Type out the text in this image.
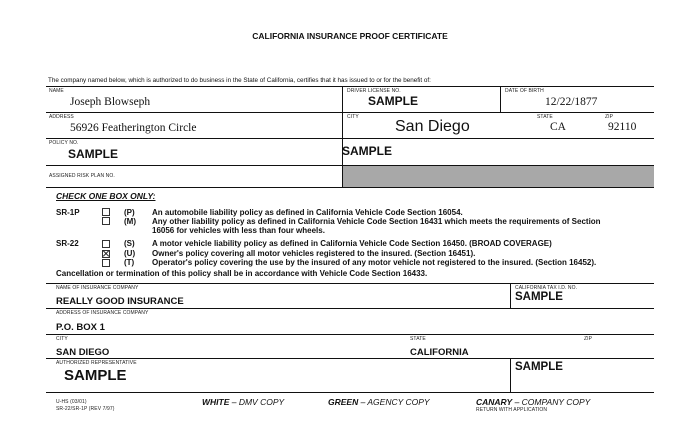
CALIFORNIA INSURANCE PROOF CERTIFICATE
The company named below, which is authorized to do business in the State of California, certifies that it has issued to or for the benefit of:
NAME
Joseph Blowseph
DRIVER LICENSE NO.
SAMPLE
DATE OF BIRTH
12/22/1877
ADDRESS
56926 Featherington Circle
CITY
San Diego
STATE
CA
ZIP
92110
POLICY NO.
SAMPLE	SAMPLE
ASSIGNED RISK PLAN NO.
CHECK ONE BOX ONLY:
SR-1P	(P) An automobile liability policy as defined in California Vehicle Code Section 16054.
(M) Any other liability policy as defined in California Vehicle Code Section 16431 which meets the requirements of Section
16056 for vehicles with less than four wheels.
SR-22	(S) A motor vehicle liability policy as defined in California Vehicle Code Section 16450. (BROAD COVERAGE)
(U) Owner's policy covering all motor vehicles registered to the insured. (Section 16451).
(T) Operator's policy covering the use by the insured of any motor vehicle not registered to the insured. (Section 16452).
Cancellation or termination of this policy shall be in accordance with Vehicle Code Section 16433.
NAME OF INSURANCE COMPANY
REALLY GOOD INSURANCE
CALIFORNIA TAX I.D. NO.
SAMPLE
ADDRESS OF INSURANCE COMPANY
P.O. BOX 1
CITY	STATE	ZIP
SAN DIEGO	CALIFORNIA
AUTHORIZED REPRESENTATIVE
SAMPLE	SAMPLE
U-HS (03/01)
SR-22/SR-1P (REV 7/97)
WHITE – DMV COPY	GREEN – AGENCY COPY	CANARY – COMPANY COPY
RETURN WITH APPLICATION
